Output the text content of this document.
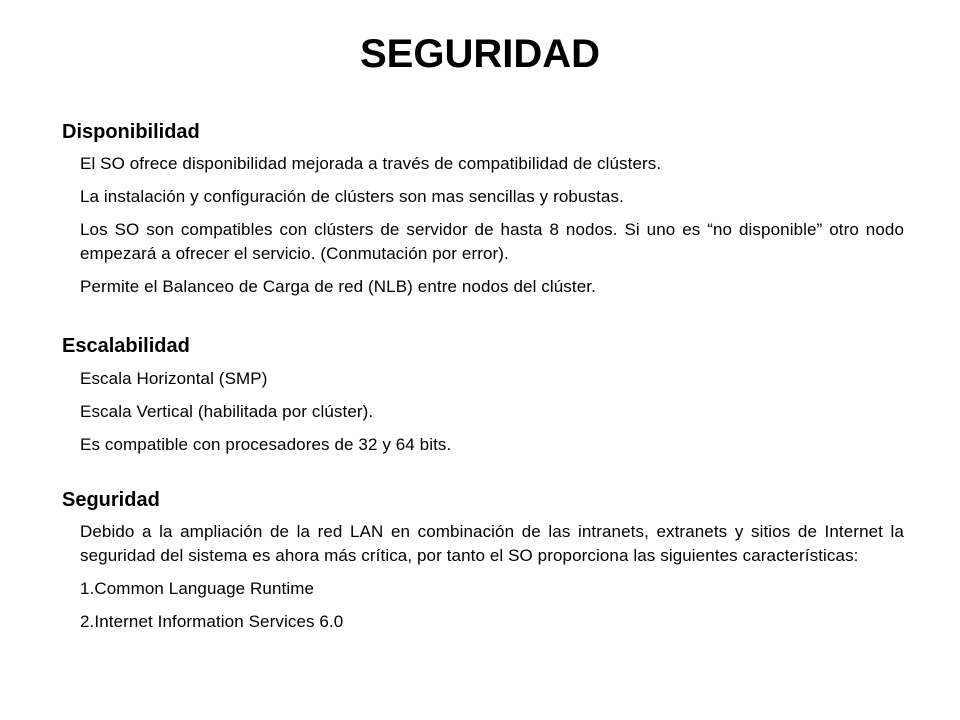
SEGURIDAD

Disponibilidad

El SO ofrece disponibilidad mejorada a través de compatibilidad de clústers.

La instalación y configuración de clústers son mas sencillas y robustas.

Los SO son compatibles con clústers de servidor de hasta 8 nodos. Si uno es “no disponible” otro nodo empezará a ofrecer el servicio. (Conmutación por error).

Permite el Balanceo de Carga de red (NLB) entre nodos del clúster.

Escalabilidad

Escala Horizontal (SMP)

Escala Vertical (habilitada por clúster).

Es compatible con procesadores de 32 y 64 bits.

Seguridad

Debido a la ampliación de la red LAN en combinación de las intranets, extranets y sitios de Internet la seguridad del sistema es ahora más crítica, por tanto el SO proporciona las siguientes características:

1.Common Language Runtime

2.Internet Information Services 6.0
